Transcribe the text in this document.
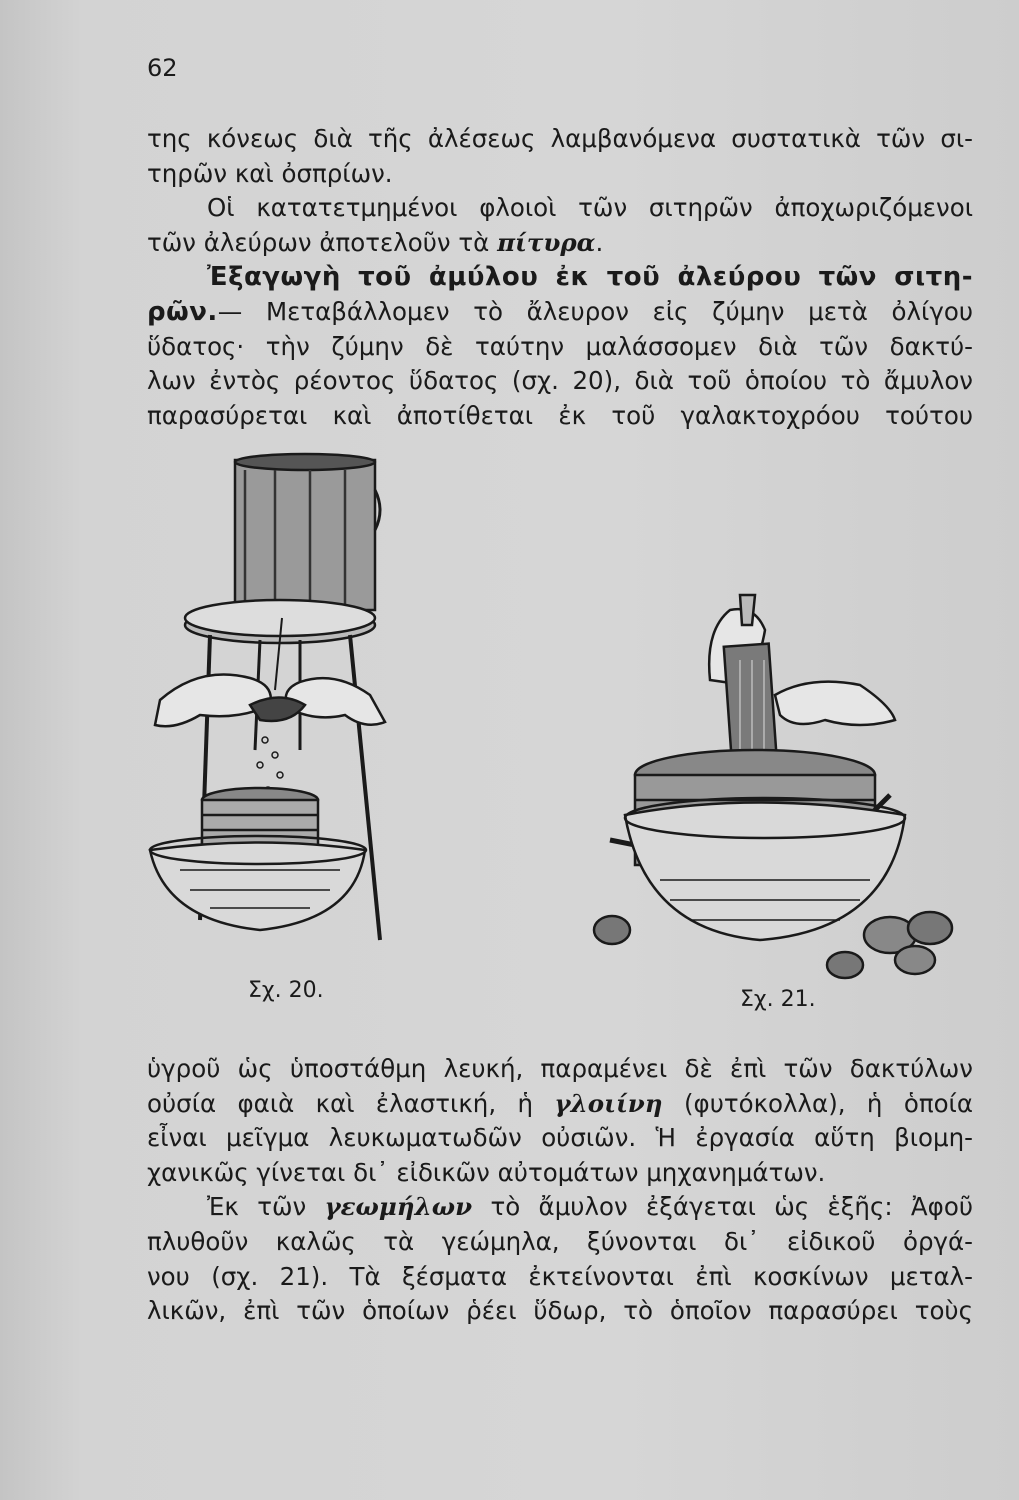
62

της κόνεως διὰ τῆς ἀλέσεως λαμβανόμενα συστατικὰ τῶν σι-

τηρῶν καὶ ὀσπρίων.

Οἱ κατατετμημένοι φλοιοὶ τῶν σιτηρῶν ἀποχωριζόμενοι

τῶν ἀλεύρων ἀποτελοῦν τὰ πίτυρα.

Ἐξαγωγὴ τοῦ ἀμύλου ἐκ τοῦ ἀλεύρου τῶν σιτη-

ρῶν.— Μεταβάλλομεν τὸ ἄλευρον εἰς ζύμην μετὰ ὀλίγου

ὕδατος· τὴν ζύμην δὲ ταύτην μαλάσσομεν διὰ τῶν δακτύ-

λων ἐντὸς ρέοντος ὕδατος (σχ. 20), διὰ τοῦ ὁποίου τὸ ἄμυλον

παρασύρεται καὶ ἀποτίθεται ἐκ τοῦ γαλακτοχρόου τούτου

Σχ. 20.	Σχ. 21.

ὑγροῦ ὡς ὑποστάθμη λευκή, παραμένει δὲ ἐπὶ τῶν δακτύλων

οὐσία φαιὰ καὶ ἐλαστική, ἡ γλοιίνη (φυτόκολλα), ἡ ὁποία

εἶναι μεῖγμα λευκωματωδῶν οὐσιῶν. Ἡ ἐργασία αὕτη βιομη-

χανικῶς γίνεται δι᾽ εἰδικῶν αὐτομάτων μηχανημάτων.

Ἐκ τῶν γεωμήλων τὸ ἄμυλον ἐξάγεται ὡς ἑξῆς: Ἀφοῦ

πλυθοῦν καλῶς τὰ γεώμηλα, ξύνονται δι᾽ εἰδικοῦ ὀργά-

νου (σχ. 21). Τὰ ξέσματα ἐκτείνονται ἐπὶ κοσκίνων μεταλ-

λικῶν, ἐπὶ τῶν ὁποίων ῥέει ὕδωρ, τὸ ὁποῖον παρασύρει τοὺς
